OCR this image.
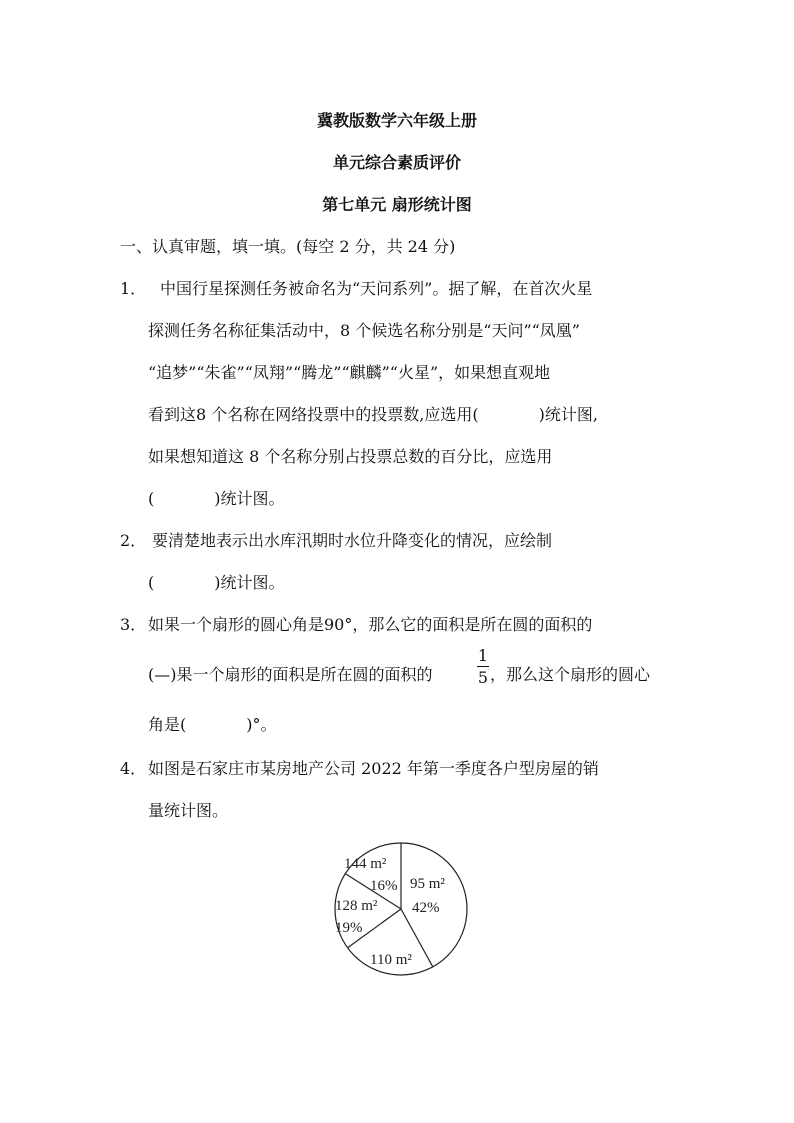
冀教版数学六年级上册
单元综合素质评价
第七单元 扇形统计图
一、认真审题，填一填。(每空 2 分，共 24 分)
1． 中国行星探测任务被命名为“天问系列”。据了解，在首次火星
探测任务名称征集活动中，8 个候选名称分别是“天问”“凤凰”
“追梦”“朱雀”“凤翔”“腾龙”“麒麟”“火星”，如果想直观地
看到这8 个名称在网络投票中的投票数,应选用(	)统计图,
如果想知道这 8 个名称分别占投票总数的百分比，应选用
(	)统计图。
2． 要清楚地表示出水库汛期时水位升降变化的情况，应绘制
(	)统计图。
3． 如果一个扇形的圆心角是90°，那么它的面积是所在圆的面积的
(—)果一个扇形的面积是所在圆的面积的
1
5 ，那么这个扇形的圆心
角是(	)°。
4． 如图是石家庄市某房地产公司 2022 年第一季度各户型房屋的销
量统计图。
95 m²
42%
110 m²
128 m²
19%
144 m²
16%
